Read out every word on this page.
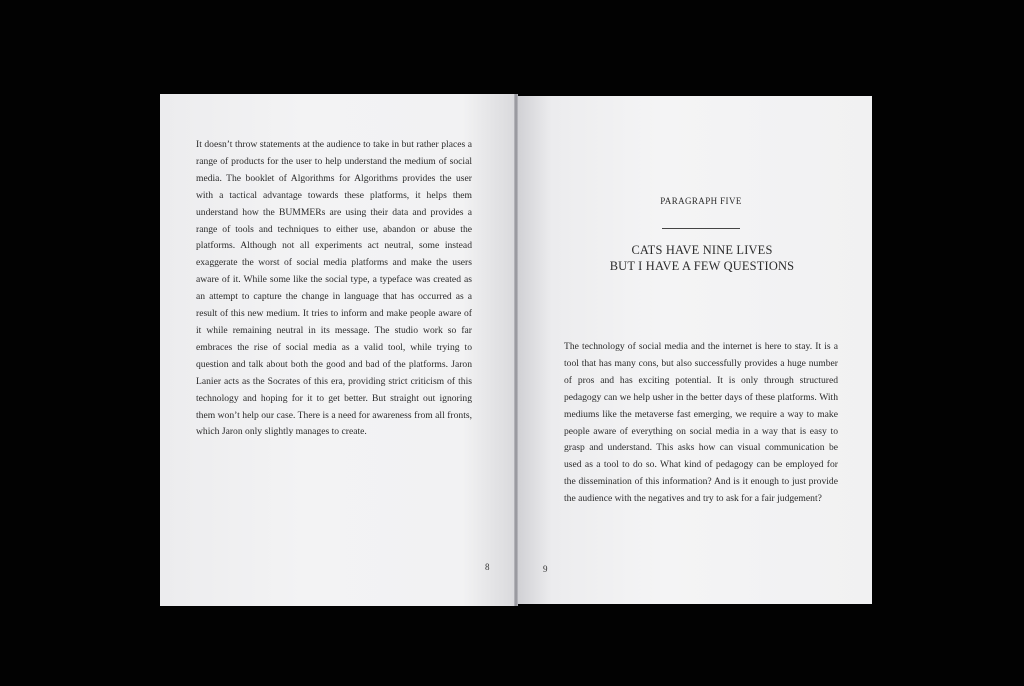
It doesn’t throw statements at the audience to take in but rather places a range of products for the user to help understand the medium of social media. The booklet of Algorithms for Algorithms provides the user with a tactical advantage towards these platforms, it helps them understand how the BUMMERs are using their data and provides a range of tools and techniques to either use, abandon or abuse the platforms. Although not all experiments act neutral, some instead exaggerate the worst of social media platforms and make the users aware of it. While some like the social type, a typeface was created as an attempt to capture the change in language that has occurred as a result of this new medium. It tries to inform and make people aware of it while remaining neutral in its message. The studio work so far embraces the rise of social media as a valid tool, while trying to question and talk about both the good and bad of the platforms. Jaron Lanier acts as the Socrates of this era, providing strict criticism of this technology and hoping for it to get better. But straight out ignoring them won’t help our case. There is a need for awareness from all fronts, which Jaron only slightly manages to create.

8
PARAGRAPH FIVE
CATS HAVE NINE LIVES
BUT I HAVE A FEW QUESTIONS

The technology of social media and the internet is here to stay. It is a tool that has many cons, but also successfully provides a huge number of pros and has exciting potential. It is only through structured pedagogy can we help usher in the better days of these platforms. With mediums like the metaverse fast emerging, we require a way to make people aware of everything on social media in a way that is easy to grasp and understand. This asks how can visual communication be used as a tool to do so. What kind of pedagogy can be employed for the dissemination of this information? And is it enough to just provide the audience with the negatives and try to ask for a fair judgement?

9
